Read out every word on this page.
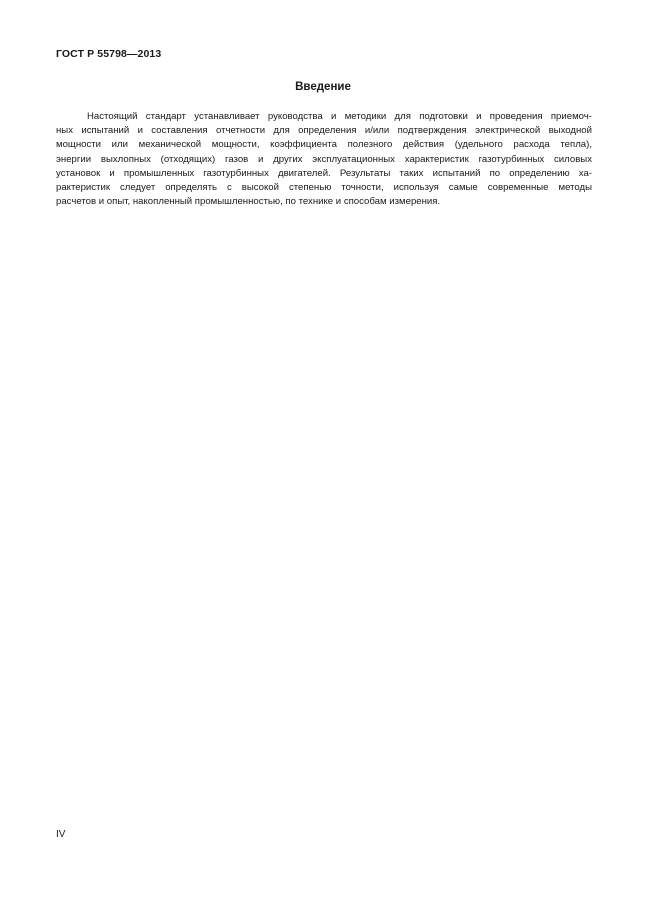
ГОСТ Р 55798—2013
Введение
Настоящий стандарт устанавливает руководства и методики для подготовки и проведения приемоч-
ных испытаний и составления отчетности для определения и/или подтверждения электрической выходной
мощности или механической мощности, коэффициента полезного действия (удельного расхода тепла),
энергии выхлопных (отходящих) газов и других эксплуатационных характеристик газотурбинных силовых
установок и промышленных газотурбинных двигателей. Результаты таких испытаний по определению ха-
рактеристик следует определять с высокой степенью точности, используя самые современные методы
расчетов и опыт, накопленный промышленностью, по технике и способам измерения.
IV
